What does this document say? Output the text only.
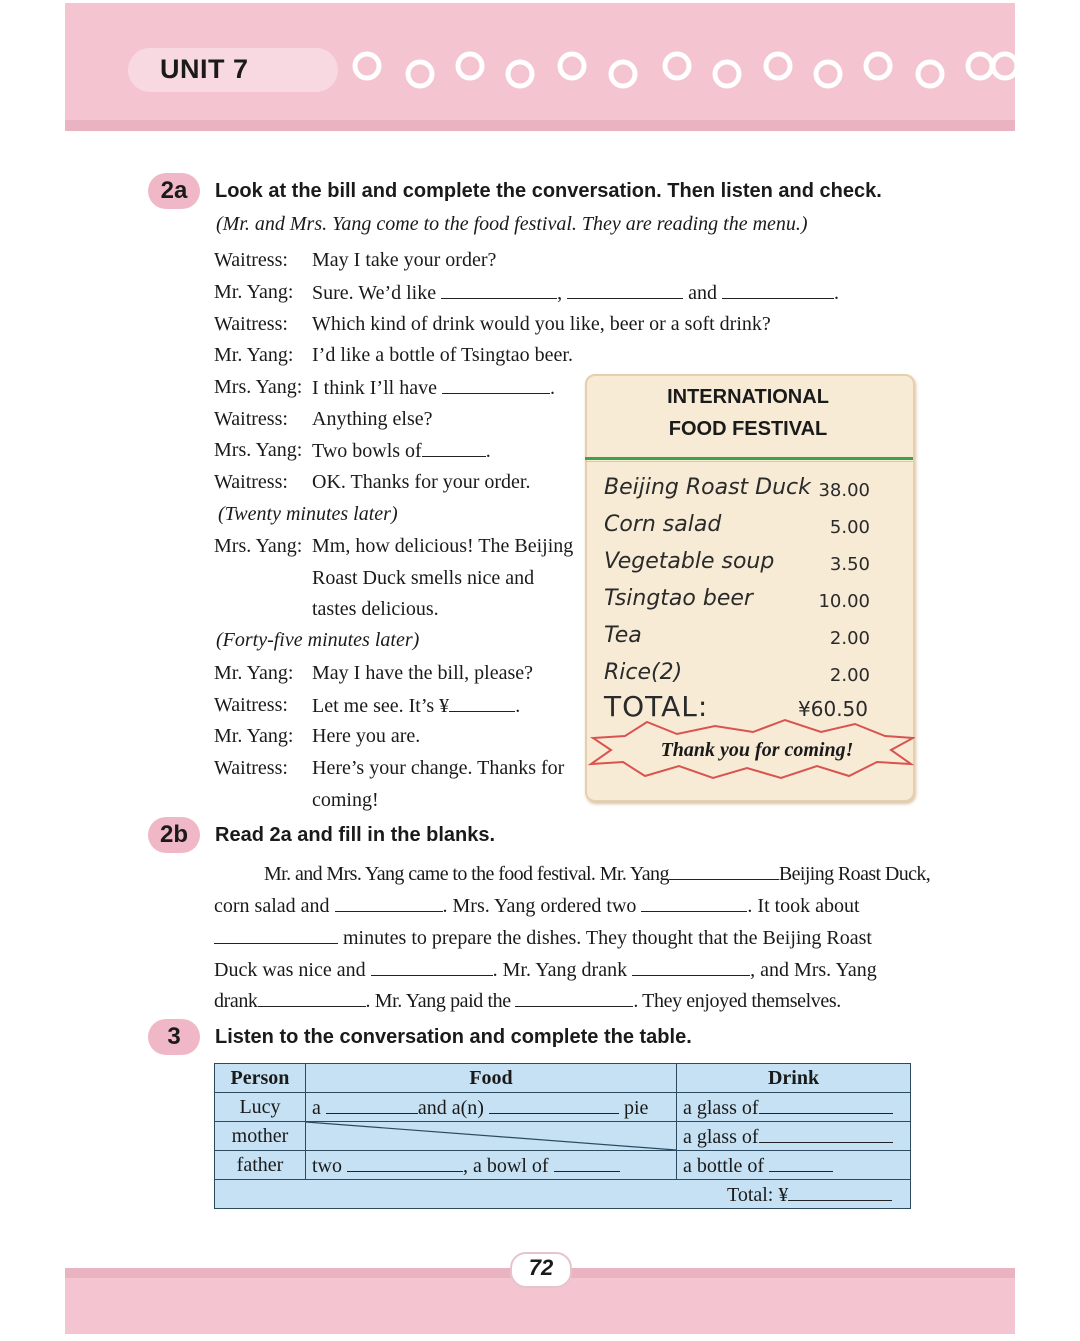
UNIT 7
2a	Look at the bill and complete the conversation. Then listen and check.
(Mr. and Mrs. Yang come to the food festival. They are reading the menu.)
Waitress: May I take your order?
Mr. Yang: Sure. We’d like	,	and	.
Waitress: Which kind of drink would you like, beer or a soft drink?
Mr. Yang: I’d like a bottle of Tsingtao beer.
Mrs. Yang: I think I’ll have	.
Waitress: Anything else?
Mrs. Yang: Two bowls of	.
Waitress: OK. Thanks for your order.
(Twenty minutes later)
Mrs. Yang: Mm, how delicious! The Beijing
Roast Duck smells nice and
tastes delicious.
(Forty-five minutes later)
Mr. Yang: May I have the bill, please?
Waitress: Let me see. It’s ¥	.
Mr. Yang: Here you are.
Waitress: Here’s your change. Thanks for
coming!
INTERNATIONAL
FOOD FESTIVAL
Beijing Roast Duck 38.00
Corn salad	5.00
Vegetable soup	3.50
Tsingtao beer	10.00
Tea	2.00
Rice(2)	2.00
TOTAL:	¥60.50
Thank you for coming!
2b	Read 2a and fill in the blanks.
Mr. and Mrs. Yang came to the food festival. Mr. Yang	Beijing Roast Duck,
corn salad and	. Mrs. Yang ordered two	. It took about
minutes to prepare the dishes. They thought that the Beijing Roast
Duck was nice and	. Mr. Yang drank	, and Mrs. Yang
drank	. Mr. Yang paid the	. They enjoyed themselves.
3	Listen to the conversation and complete the table.
Person	Food	Drink
Lucy	a and a(n) pie	a glass of
mother		a glass of
father	two , a bowl of	a bottle of
Total: ¥		
72
